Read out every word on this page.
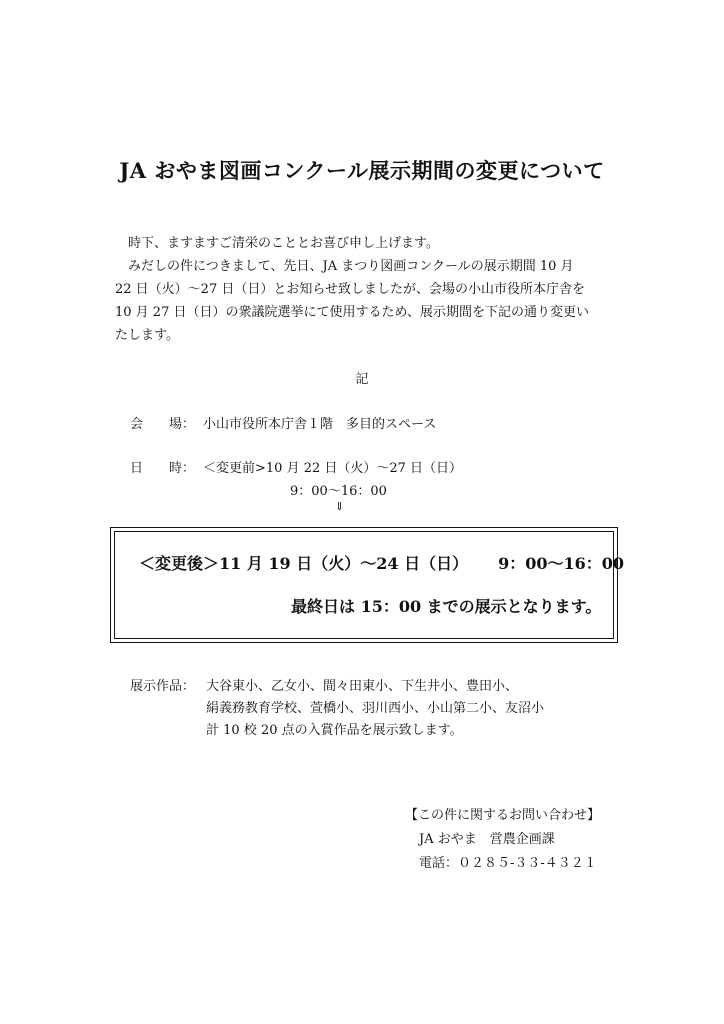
JA おやま図画コンクール展示期間の変更について
　時下、ますますご清栄のこととお喜び申し上げます。
　みだしの件につきまして、先日、JA まつり図画コンクールの展示期間 10 月
22 日（火）～27 日（日）とお知らせ致しましたが、会場の小山市役所本庁舎を
10 月 27 日（日）の衆議院選挙にて使用するため、展示期間を下記の通り変更い
たします。
記
会　　場： 小山市役所本庁舎１階　多目的スペース
日　　時： ＜変更前>10 月 22 日（火）～27 日（日）
9：00～16：00
⇓
＜変更後＞11 月 19 日（火）～24 日（日） 9：00～16：00
最終日は 15：00 までの展示となります。
展示作品： 大谷東小、乙女小、間々田東小、下生井小、豊田小、
絹義務教育学校、萱橋小、羽川西小、小山第二小、友沼小
計 10 校 20 点の入賞作品を展示致します。
【この件に関するお問い合わせ】
JA おやま　営農企画課
電話：０２８５-３３-４３２１
